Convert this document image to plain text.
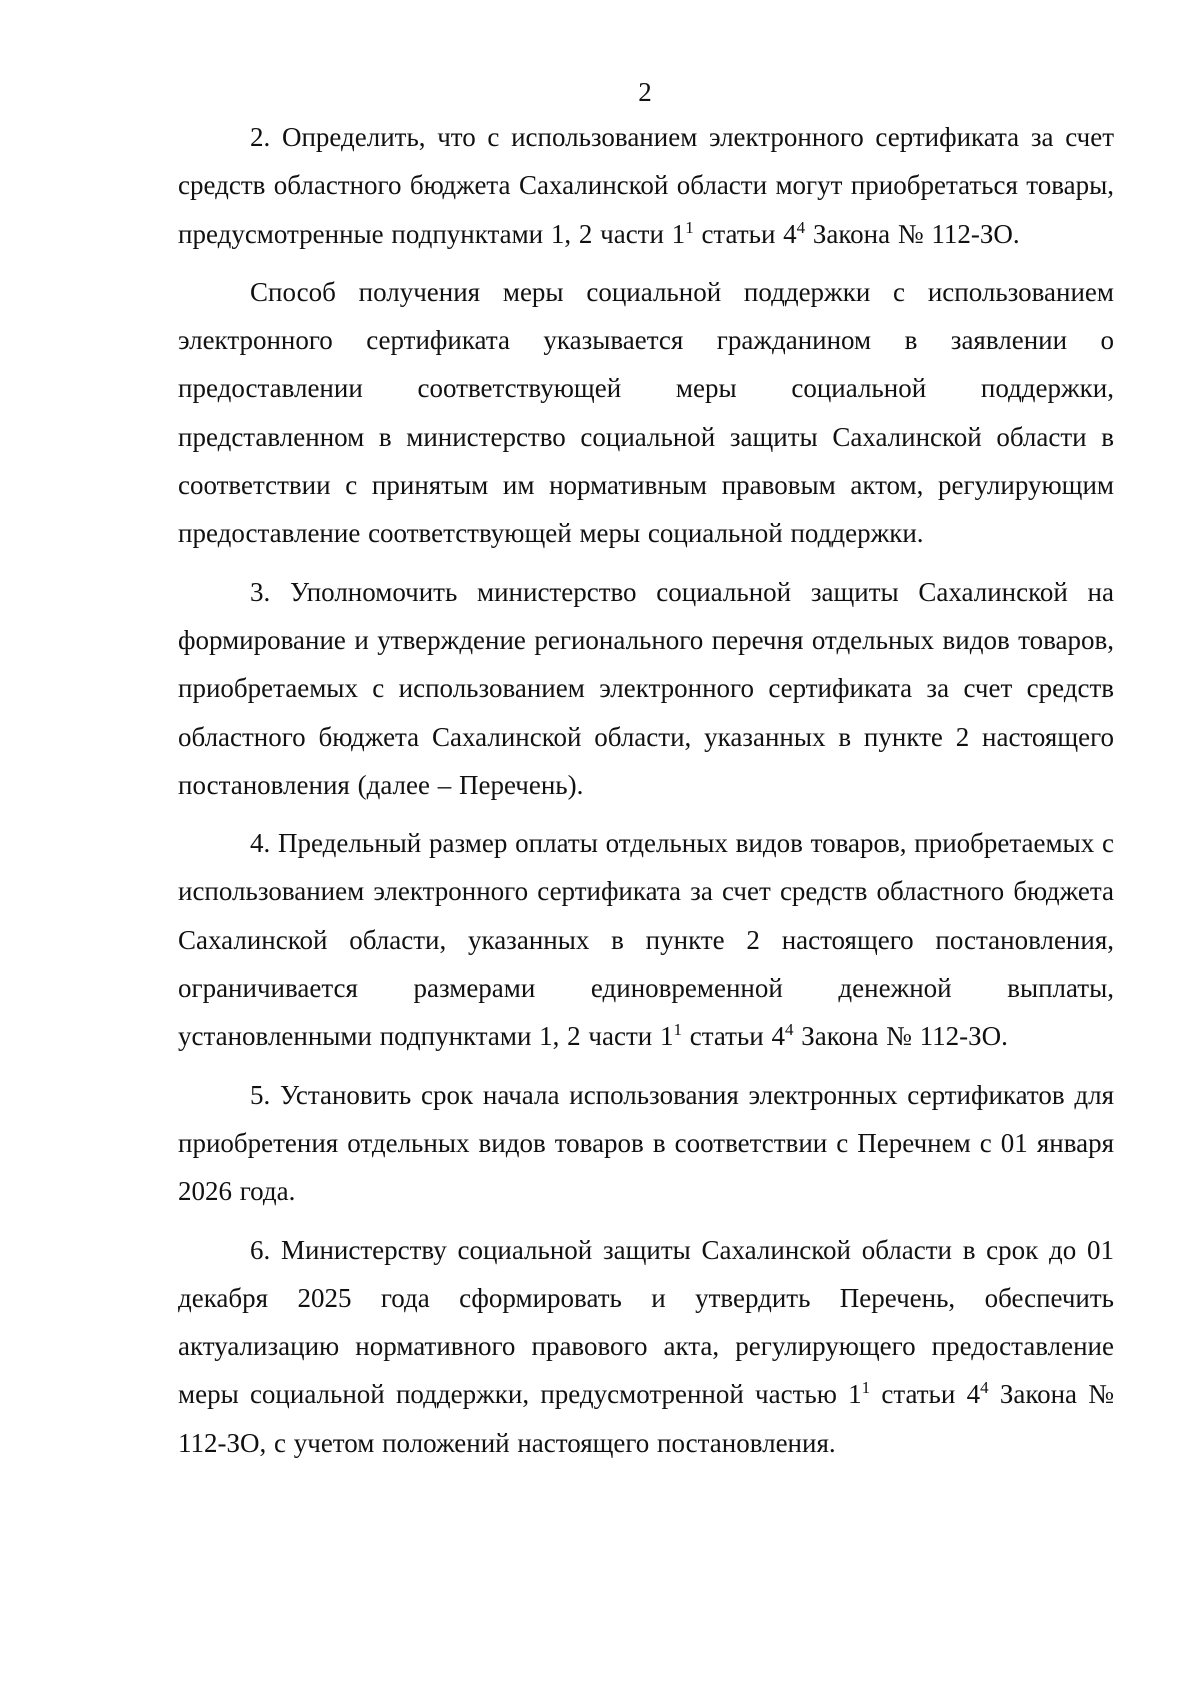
2

2. Определить, что с использованием электронного сертификата за счет средств областного бюджета Сахалинской области могут приобретаться товары, предусмотренные подпунктами 1, 2 части $1^1$ статьи $4^4$ Закона № 112-ЗО.

Способ получения меры социальной поддержки с использованием электронного сертификата указывается гражданином в заявлении о предоставлении соответствующей меры социальной поддержки, представленном в министерство социальной защиты Сахалинской области в соответствии с принятым им нормативным правовым актом, регулирующим предоставление соответствующей меры социальной поддержки.

3. Уполномочить министерство социальной защиты Сахалинской на формирование и утверждение регионального перечня отдельных видов товаров, приобретаемых с использованием электронного сертификата за счет средств областного бюджета Сахалинской области, указанных в пункте 2 настоящего постановления (далее – Перечень).

4. Предельный размер оплаты отдельных видов товаров, приобретаемых с использованием электронного сертификата за счет средств областного бюджета Сахалинской области, указанных в пункте 2 настоящего постановления, ограничивается размерами единовременной денежной выплаты, установленными подпунктами 1, 2 части $1^1$ статьи $4^4$ Закона № 112-ЗО.

5. Установить срок начала использования электронных сертификатов для приобретения отдельных видов товаров в соответствии с Перечнем с 01 января 2026 года.

6. Министерству социальной защиты Сахалинской области в срок до 01 декабря 2025 года сформировать и утвердить Перечень, обеспечить актуализацию нормативного правового акта, регулирующего предоставление меры социальной поддержки, предусмотренной частью $1^1$ статьи $4^4$ Закона № 112-ЗО, с учетом положений настоящего постановления.
